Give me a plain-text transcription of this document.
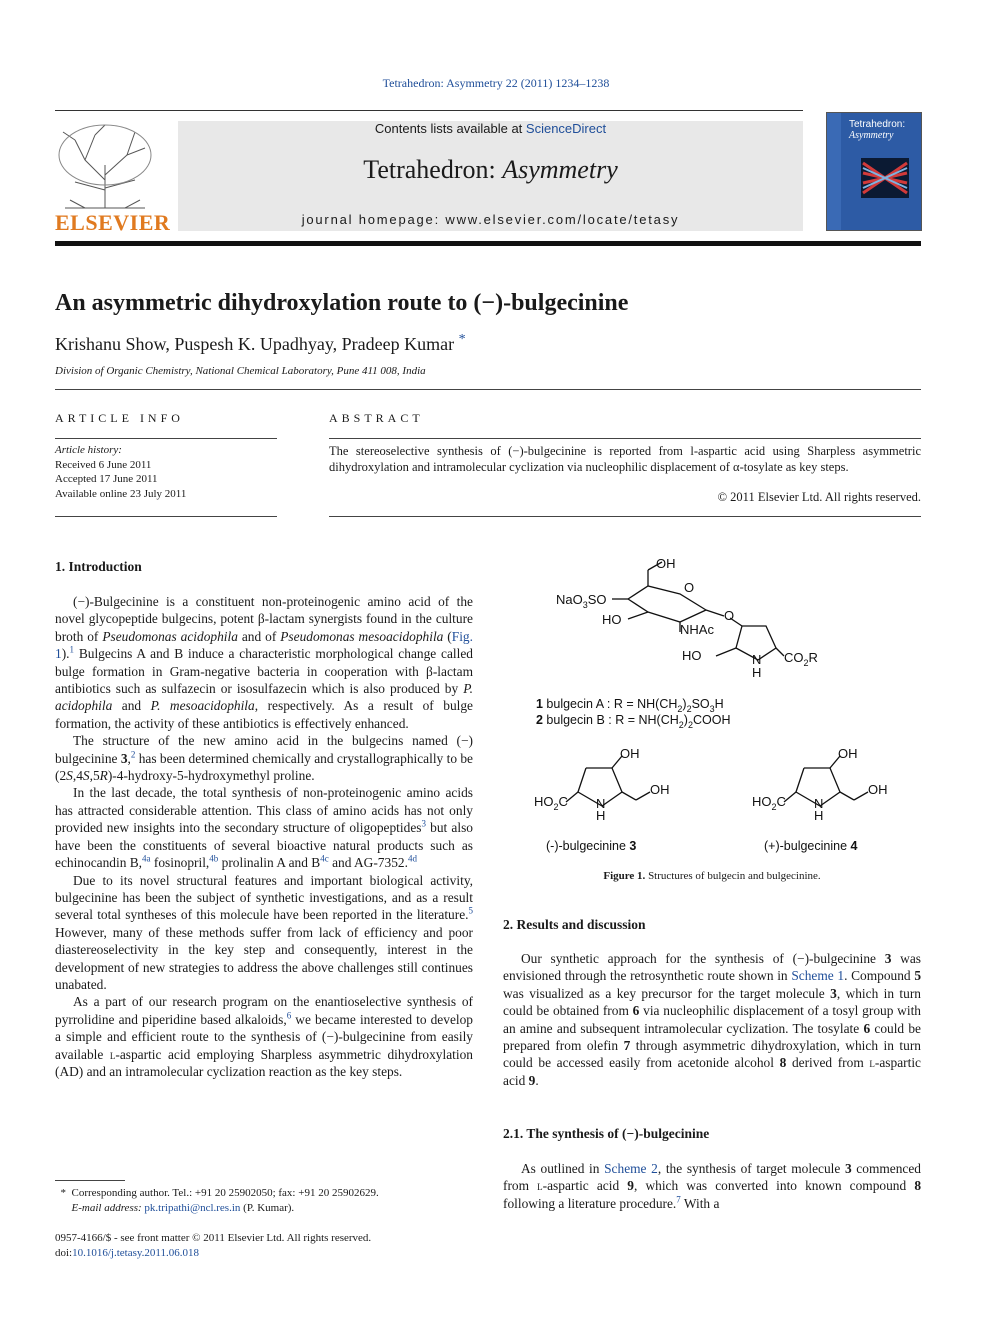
Tetrahedron: Asymmetry 22 (2011) 1234–1238
ELSEVIER
Contents lists available at ScienceDirect
Tetrahedron: Asymmetry
journal homepage: www.elsevier.com/locate/tetasy
Tetrahedron:
Asymmetry
An asymmetric dihydroxylation route to (−)-bulgecinine
Krishanu Show, Puspesh K. Upadhyay, Pradeep Kumar *
Division of Organic Chemistry, National Chemical Laboratory, Pune 411 008, India
ARTICLE INFO	ABSTRACT
Article history:
Received 6 June 2011
Accepted 17 June 2011
Available online 23 July 2011
The stereoselective synthesis of (−)-bulgecinine is reported from l-aspartic acid using Sharpless asymmetric dihydroxylation and intramolecular cyclization via nucleophilic displacement of α-tosylate as key steps.
© 2011 Elsevier Ltd. All rights reserved.
1. Introduction

(−)-Bulgecinine is a constituent non-proteinogenic amino acid of the novel glycopeptide bulgecins, potent β-lactam synergists found in the culture broth of Pseudomonas acidophila and of Pseudomonas mesoacidophila (Fig. 1).$^1$ Bulgecins A and B induce a characteristic morphological change called bulge formation in Gram-negative bacteria in cooperation with β-lactam antibiotics such as sulfazecin or isosulfazecin which is also produced by P. acidophila and P. mesoacidophila, respectively. As a result of bulge formation, the activity of these antibiotics is effectively enhanced.

The structure of the new amino acid in the bulgecins named (−) bulgecinine 3,$^2$ has been determined chemically and crystallographically to be (2S,4S,5R)-4-hydroxy-5-hydroxymethyl proline.

In the last decade, the total synthesis of non-proteinogenic amino acids has attracted considerable attention. This class of amino acids has not only provided new insights into the secondary structure of oligopeptides$^3$ but also have been the constituents of several bioactive natural products such as echinocandin B,$^{4a}$ fosinopril,$^{4b}$ prolinalin A and $B^{4c}$ and AG-7352.$^{4d}$

Due to its novel structural features and important biological activity, bulgecinine has been the subject of synthetic investigations, and as a result several total syntheses of this molecule have been reported in the literature.$^5$ However, many of these methods suffer from lack of efficiency and poor diastereoselectivity in the key step and consequently, interest in the development of new strategies to address the above challenges still continues unabated.

As a part of our research program on the enantioselective synthesis of pyrrolidine and piperidine based alkaloids,$^6$ we became interested to develop a simple and efficient route to the synthesis of (−)-bulgecinine from easily available l-aspartic acid employing Sharpless asymmetric dihydroxylation (AD) and an intramolecular cyclization reaction as the key steps.

OH
O
NaO$_3$SO
HO
NHAc
O
HO	N
H
$CO_2R$
1 bulgecin A : $R = NH(CH_2)_2SO_3H$
2 bulgecin B : $R = NH(CH_2)_2COOH$
OH
OH
$HO_2C$ N
H
(-)-bulgecinine 3
OH
OH
$HO_2C$ N
H
(+)-bulgecinine 4
Figure 1. Structures of bulgecin and bulgecinine.
2. Results and discussion

Our synthetic approach for the synthesis of (−)-bulgecinine 3 was envisioned through the retrosynthetic route shown in Scheme 1. Compound 5 was visualized as a key precursor for the target molecule 3, which in turn could be obtained from 6 via nucleophilic displacement of a tosyl group with an amine and subsequent intramolecular cyclization. The tosylate 6 could be prepared from olefin 7 through asymmetric dihydroxylation, which in turn could be accessed easily from acetonide alcohol 8 derived from l-aspartic acid 9.

2.1. The synthesis of (−)-bulgecinine

As outlined in Scheme 2, the synthesis of target molecule 3 commenced from l-aspartic acid 9, which was converted into known compound 8 following a literature procedure.$^7$ With a

* Corresponding author. Tel.: +91 20 25902050; fax: +91 20 25902629.
E-mail address: pk.tripathi@ncl.res.in (P. Kumar).
0957-4166/$ - see front matter © 2011 Elsevier Ltd. All rights reserved.
doi:10.1016/j.tetasy.2011.06.018
